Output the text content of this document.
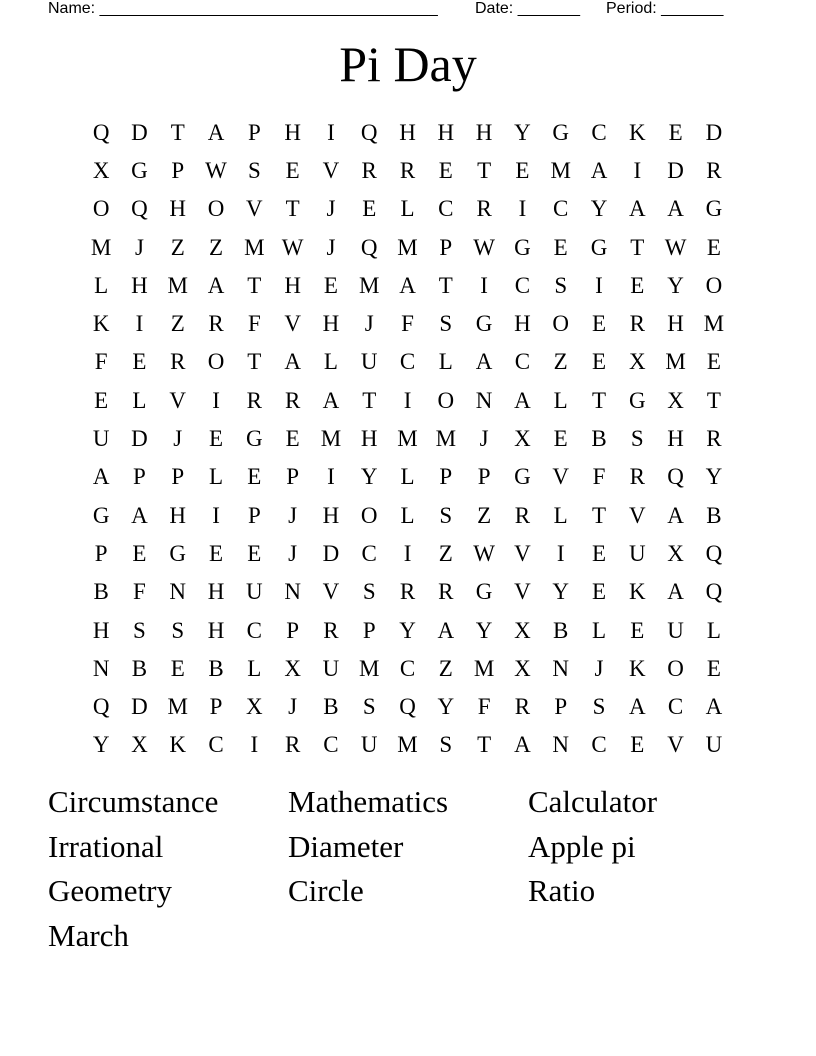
Name: ______________________________________ Date: _______ Period: _______
Pi Day
Q D T A	P	H	I	Q H H H Y G C K E D
X G	P W S	E V R R	E	T	E M A	I	D R
O Q H O V T	J	E	L	C R	I	C Y A A G
M	J	Z	Z M W J	Q M P W G E G T W E
L H M A T H E M A T	I	C	S	I	E Y O
K	I	Z	R	F	V H	J	F	S	G H O E	R H M
F	E	R O T A L U C	L A C	Z	E X M E
E	L V	I	R R A T	I	O N A L	T G X T
U D	J	E G E M H M M	J	X E	B	S	H R
A	P	P	L	E	P	I	Y L	P	P	G V	F	R Q Y
G A H	I	P	J	H O L	S	Z	R	L	T V A B
P	E G E	E	J	D C	I	Z W V	I	E U X Q
B	F	N H U N V	S	R R G V Y E K A Q
H	S	S	H C	P	R	P	Y A Y X B	L	E U L
N B	E	B	L X U M C	Z M X N	J	K O E
Q D M P	X	J	B	S	Q Y	F	R	P	S	A C A
Y X K C	I	R C U M S	T A N C	E V U
Circumstance	Mathematics	Calculator
Irrational	Diameter	Apple pi
Geometry	Circle	Ratio
March
